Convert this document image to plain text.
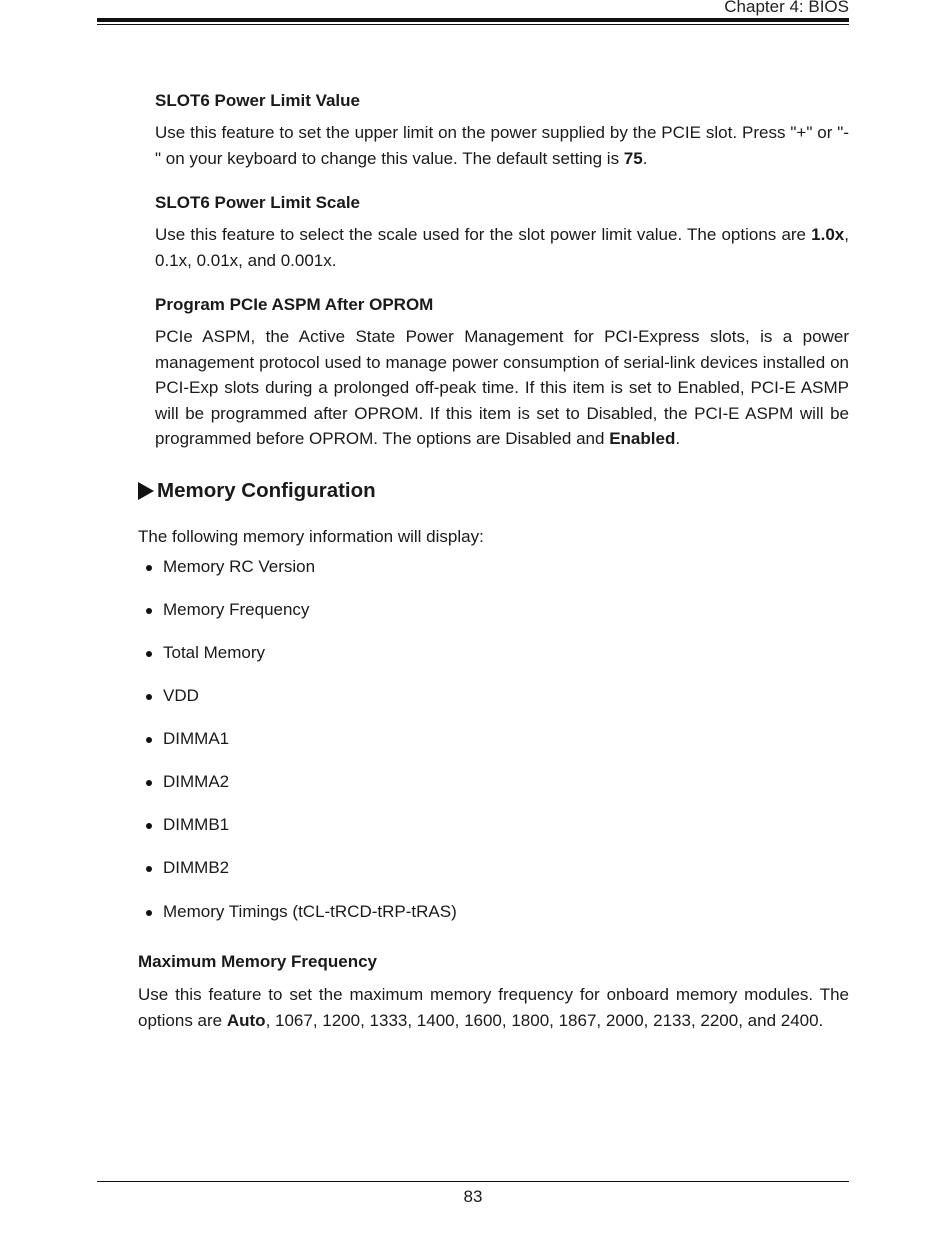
Chapter 4: BIOS

SLOT6 Power Limit Value

Use this feature to set the upper limit on the power supplied by the PCIE slot. Press "+" or "-" on your keyboard to change this value. The default setting is 75.

SLOT6 Power Limit Scale

Use this feature to select the scale used for the slot power limit value. The options are 1.0x, 0.1x, 0.01x, and 0.001x.

Program PCIe ASPM After OPROM

PCIe ASPM, the Active State Power Management for PCI-Express slots, is a power management protocol used to manage power consumption of serial-link devices installed on PCI-Exp slots during a prolonged off-peak time. If this item is set to Enabled, PCI-E ASMP will be programmed after OPROM. If this item is set to Disabled, the PCI-E ASPM will be programmed before OPROM. The options are Disabled and Enabled.

Memory Configuration

The following memory information will display:

Memory RC Version
Memory Frequency
Total Memory
VDD
DIMMA1
DIMMA2
DIMMB1
DIMMB2
Memory Timings (tCL-tRCD-tRP-tRAS)

Maximum Memory Frequency

Use this feature to set the maximum memory frequency for onboard memory modules. The options are Auto, 1067, 1200, 1333, 1400, 1600, 1800, 1867, 2000, 2133, 2200, and 2400.

83
